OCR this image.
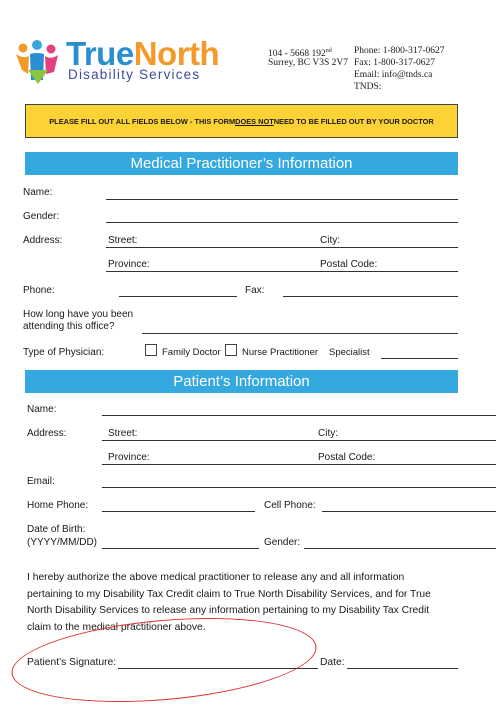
TrueNorth
Disability Services
104 - 5668 192nd
Surrey, BC V3S 2V7
Phone: 1-800-317-0627
Fax: 1-800-317-0627
Email: info@tnds.ca
TNDS:
PLEASE FILL OUT ALL FIELDS BELOW - THIS FORM DOES NOT NEED TO BE FILLED OUT BY YOUR DOCTOR
Medical Practitioner’s Information
Name:
Gender:
Address:	Street:	City:
Province:	Postal Code:
Phone:	Fax:
How long have you been
attending this office?
Type of Physician:	Family Doctor Nurse Practitioner Specialist
Patient’s Information
Name:
Address:	Street:	City:
Province:	Postal Code:
Email:
Home Phone:	Cell Phone:
Date of Birth:
(YYYY/MM/DD)	Gender:
I hereby authorize the above medical practitioner to release any and all information
pertaining to my Disability Tax Credit claim to True North Disability Services, and for True
North Disability Services to release any information pertaining to my Disability Tax Credit
claim to the medical practitioner above.
Patient’s Signature:	Date:
